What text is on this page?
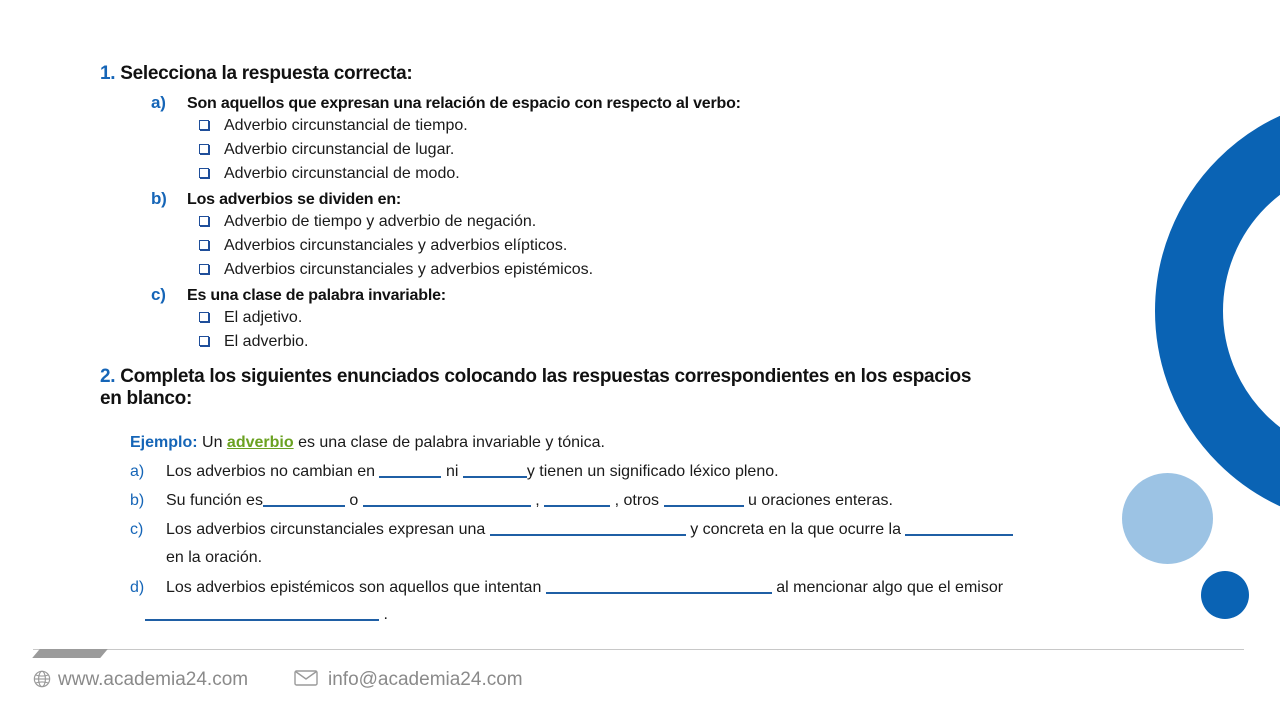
1. Selecciona la respuesta correcta:
a) Son aquellos que expresan una relación de espacio con respecto al verbo:
Adverbio circunstancial de tiempo.
Adverbio circunstancial de lugar.
Adverbio circunstancial de modo.
b) Los adverbios se dividen en:
Adverbio de tiempo y adverbio de negación.
Adverbios circunstanciales y adverbios elípticos.
Adverbios circunstanciales y adverbios epistémicos.
c) Es una clase de palabra invariable:
El adjetivo.
El adverbio.
2. Completa los siguientes enunciados colocando las respuestas correspondientes en los espacios
en blanco:
Ejemplo: Un adverbio es una clase de palabra invariable y tónica.
a) Los adverbios no cambian en	ni	y tienen un significado léxico pleno.
b) Su función es	o	,	, otros	u oraciones enteras.
c) Los adverbios circunstanciales expresan una	y concreta en la que ocurre la
en la oración.
d) Los adverbios epistémicos son aquellos que intentan	al mencionar algo que el emisor
.
www.academia24.com	info@academia24.com
